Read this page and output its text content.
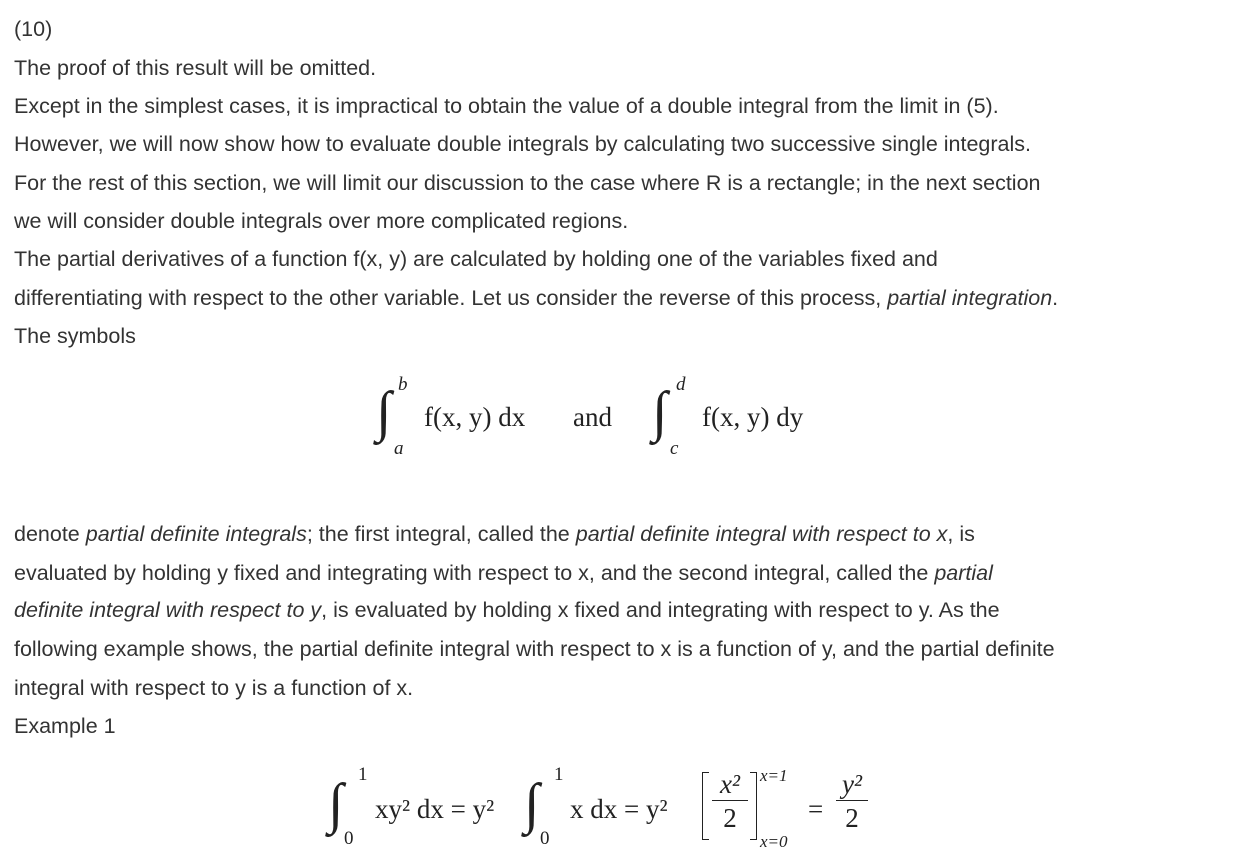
(10)
The proof of this result will be omitted.
Except in the simplest cases, it is impractical to obtain the value of a double integral from the limit in (5).
However, we will now show how to evaluate double integrals by calculating two successive single integrals.
For the rest of this section, we will limit our discussion to the case where R is a rectangle; in the next section
we will consider double integrals over more complicated regions.
The partial derivatives of a function f(x, y) are calculated by holding one of the variables fixed and
differentiating with respect to the other variable. Let us consider the reverse of this process, partial integration.
The symbols
∫ b
a
f(x, y) dx and ∫ d
c
f(x, y) dy
denote partial definite integrals; the first integral, called the partial definite integral with respect to x, is
evaluated by holding y fixed and integrating with respect to x, and the second integral, called the partial
definite integral with respect to y, is evaluated by holding x fixed and integrating with respect to y. As the
following example shows, the partial definite integral with respect to x is a function of y, and the partial definite
integral with respect to y is a function of x.
Example 1
∫ 1
0
xy² dx = y² ∫ 1
0
x dx = $y^2 \frac{\text{x²}}{2} x=1$
x=0
= $\frac{\text{y²}}{2}$
